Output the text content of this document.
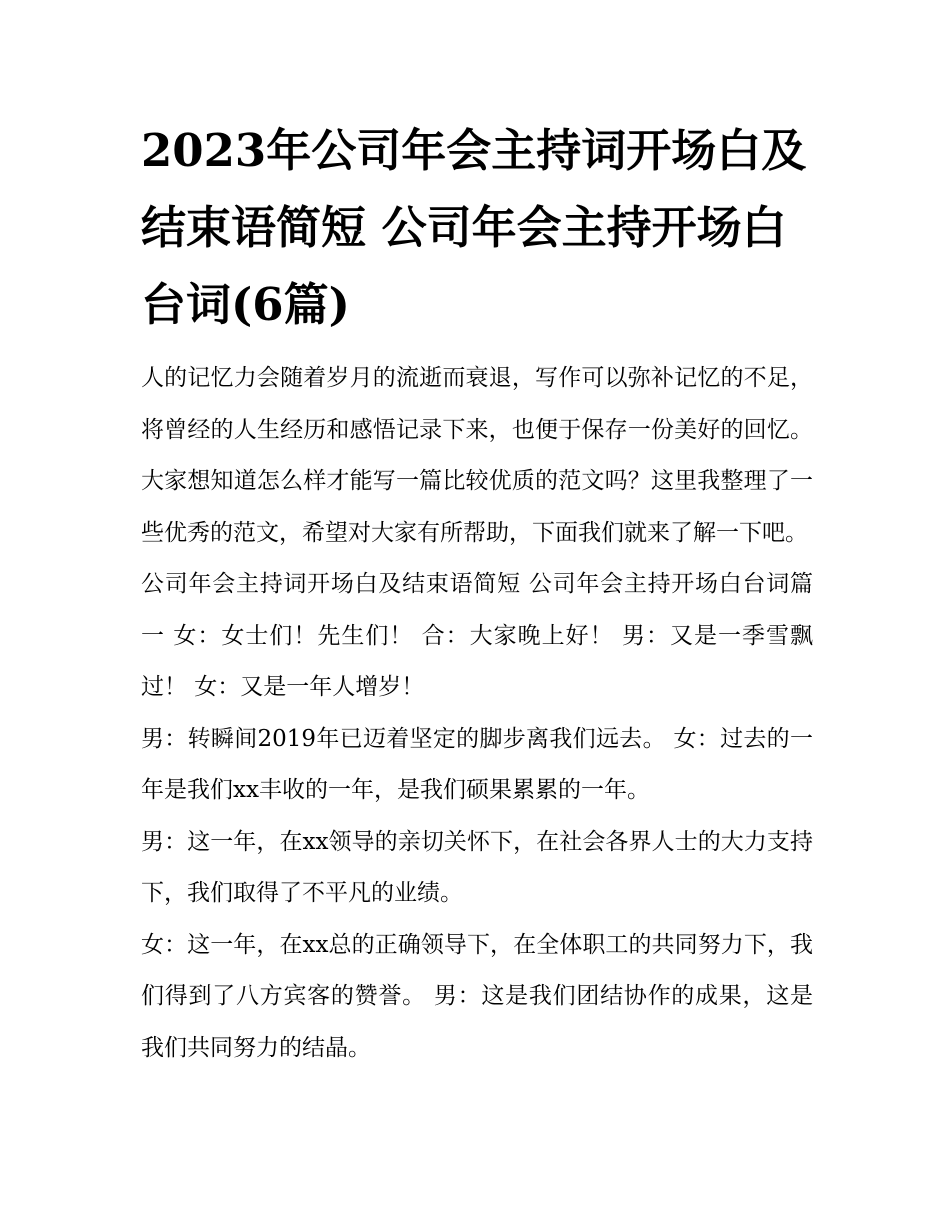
2023年公司年会主持词开场白及结束语简短 公司年会主持开场白台词(6篇)

人的记忆力会随着岁月的流逝而衰退，写作可以弥补记忆的不足，将曾经的人生经历和感悟记录下来，也便于保存一份美好的回忆。大家想知道怎么样才能写一篇比较优质的范文吗？这里我整理了一些优秀的范文，希望对大家有所帮助，下面我们就来了解一下吧。

公司年会主持词开场白及结束语简短 公司年会主持开场白台词篇一 女：女士们！先生们！ 合：大家晚上好！ 男：又是一季雪飘过！ 女：又是一年人增岁！

男：转瞬间2019年已迈着坚定的脚步离我们远去。 女：过去的一年是我们xx丰收的一年，是我们硕果累累的一年。

男：这一年，在xx领导的亲切关怀下，在社会各界人士的大力支持下，我们取得了不平凡的业绩。

女：这一年，在xx总的正确领导下，在全体职工的共同努力下，我们得到了八方宾客的赞誉。 男：这是我们团结协作的成果，这是我们共同努力的结晶。
